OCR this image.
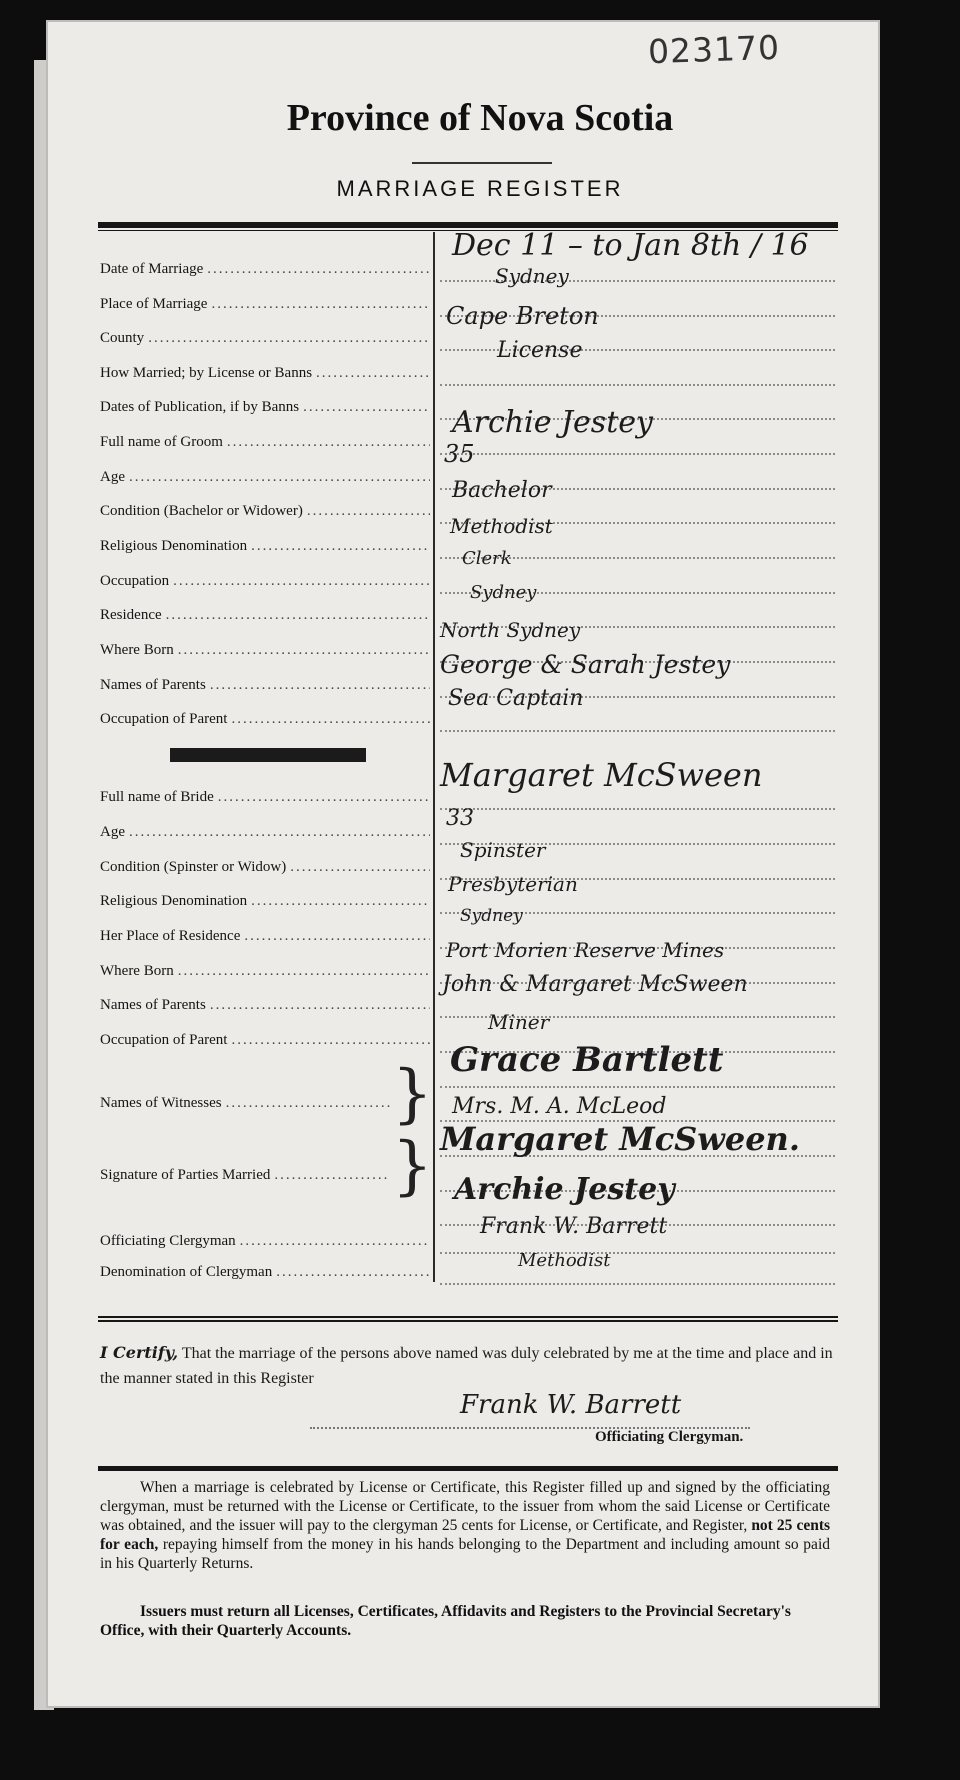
023170
Province of Nova Scotia
MARRIAGE REGISTER
Date of Marriage
.....
Place of Marriage
.....
County
.....
How Married; by License or Banns
.....
Dates of Publication, if by Banns
.....
Full name of Groom
.....
Age
.....
Condition (Bachelor or Widower)
.....
Religious Denomination
.....
Occupation
.....
Residence
.....
Where Born
.....
Names of Parents
.....
Occupation of Parent
.....
Full name of Bride
.....
Age
.....
Condition (Spinster or Widow)
.....
Religious Denomination
.....
Her Place of Residence
.....
Where Born
.....
Names of Parents
.....
Occupation of Parent
.....
Names of Witnesses .....	}
Signature of Parties Married ..... }
Officiating Clergyman
.....
Denomination of Clergyman
.....
Dec 11 – to Jan 8th / 16
Sydney
Cape Breton
License
Archie Jestey
35
Bachelor
Methodist
Clerk
Sydney
North Sydney
George & Sarah Jestey
Sea Captain
Margaret McSween
33
Spinster
Presbyterian
Sydney
Port Morien Reserve Mines
John & Margaret McSween
Miner
Grace Bartlett
Mrs. M. A. McLeod
Margaret McSween.
Archie Jestey
Frank W. Barrett
Methodist
I Certify, That the marriage of the persons above named was duly celebrated by me at the time and place and in the manner stated in this Register
Frank W. Barrett
Officiating Clergyman.
When a marriage is celebrated by License or Certificate, this Register filled up and signed by the officiating clergyman, must be returned with the License or Certificate, to the issuer from whom the said License or Certificate was obtained, and the issuer will pay to the clergyman 25 cents for License, or Certificate, and Register, not 25 cents for each, repaying himself from the money in his hands belonging to the Department and including amount so paid in his Quarterly Returns.
Issuers must return all Licenses, Certificates, Affidavits and Registers to the Provincial Secretary's Office, with their Quarterly Accounts.
